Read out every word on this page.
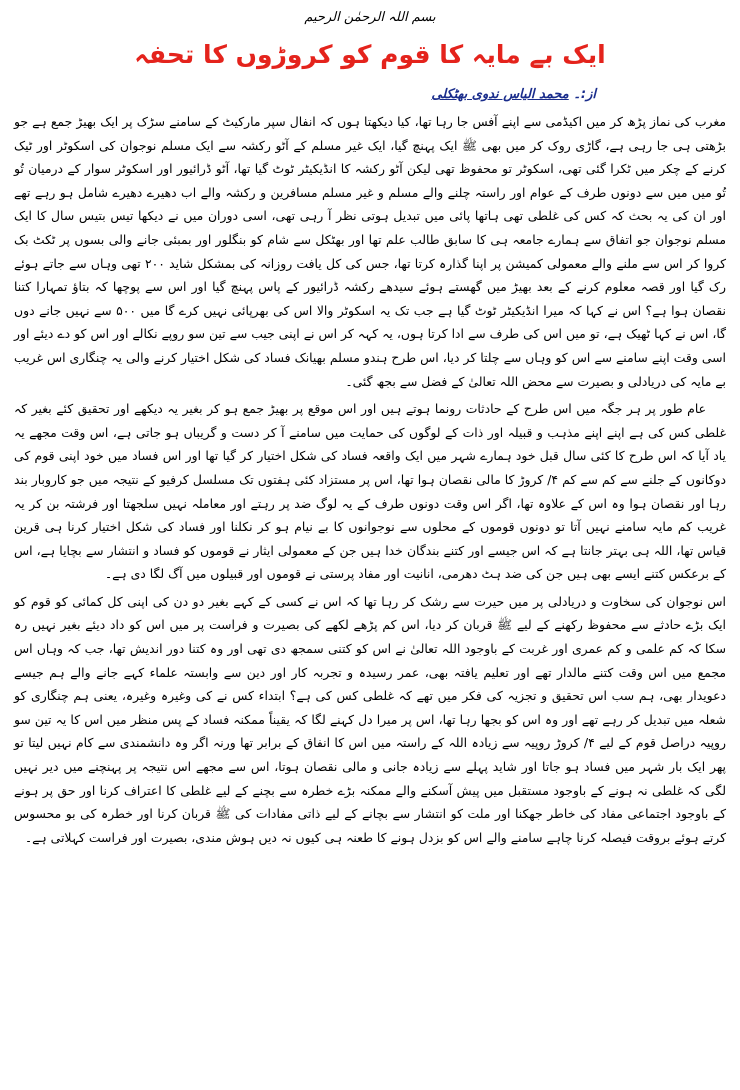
بسم اللہ الرحمٰن الرحیم
ایک بے مایہ کا قوم کو کروڑوں کا تحفہ
از:۔ محمد الیاس ندوی بھٹکلی

مغرب کی نماز پڑھ کر میں اکیڈمی سے اپنے آفس جا رہا تھا، کیا دیکھتا ہوں کہ انفال سپر مارکیٹ کے سامنے سڑک پر ایک بھیڑ جمع ہے جو بڑھتی ہی جا رہی ہے، گاڑی روک کر میں بھی ﷺ ایک پہنچ گیا، ایک غیر مسلم کے آٹو رکشہ سے ایک مسلم نوجوان کی اسکوٹر اور ٹیک کرنے کے چکر میں ٹکرا گئی تھی، اسکوٹر تو محفوظ تھی لیکن آٹو رکشہ کا انڈیکیٹر ٹوٹ گیا تھا، آٹو ڈرائیور اور اسکوٹر سوار کے درمیان تُو تُو میں میں سے دونوں طرف کے عوام اور راستہ چلنے والے مسلم و غیر مسلم مسافرین و رکشہ والے اب دھیرے دھیرے شامل ہو رہے تھے اور ان کی یہ بحث کہ کس کی غلطی تھی ہاتھا پائی میں تبدیل ہوتی نظر آ رہی تھی، اسی دوران میں نے دیکھا تیس بتیس سال کا ایک مسلم نوجوان جو اتفاق سے ہمارے جامعہ ہی کا سابق طالب علم تھا اور بھٹکل سے شام کو بنگلور اور بمبئی جانے والی بسوں پر ٹکٹ بک کروا کر اس سے ملنے والے معمولی کمیشن پر اپنا گذارہ کرتا تھا، جس کی کل یافت روزانہ کی بمشکل شاید ۲۰۰ تھی وہاں سے جاتے ہوئے رک گیا اور قصہ معلوم کرنے کے بعد بھیڑ میں گھستے ہوئے سیدھے رکشہ ڈرائیور کے پاس پہنچ گیا اور اس سے پوچھا کہ بتاؤ تمہارا کتنا نقصان ہوا ہے؟ اس نے کہا کہ میرا انڈیکیٹر ٹوٹ گیا ہے جب تک یہ اسکوٹر والا اس کی بھرپائی نہیں کرے گا میں ۵۰۰ سے نہیں جانے دوں گا، اس نے کہا ٹھیک ہے، تو میں اس کی طرف سے ادا کرتا ہوں، یہ کہہ کر اس نے اپنی جیب سے تین سو روپے نکالے اور اس کو دے دیئے اور اسی وقت اپنے سامنے سے اس کو وہاں سے چلتا کر دیا، اس طرح ہندو مسلم بھیانک فساد کی شکل اختیار کرنے والی یہ چنگاری اس غریب بے مایہ کی دریادلی و بصیرت سے محض اللہ تعالیٰ کے فضل سے بجھ گئی۔

عام طور پر ہر جگہ میں اس طرح کے حادثات رونما ہوتے ہیں اور اس موقع پر بھیڑ جمع ہو کر بغیر یہ دیکھے اور تحقیق کئے بغیر کہ غلطی کس کی ہے اپنے اپنے مذہب و قبیلہ اور ذات کے لوگوں کی حمایت میں سامنے آ کر دست و گریباں ہو جاتی ہے، اس وقت مجھے یہ یاد آیا کہ اس طرح کا کئی سال قبل خود ہمارے شہر میں ایک واقعہ فساد کی شکل اختیار کر گیا تھا اور اس فساد میں خود اپنی قوم کی دوکانوں کے جلنے سے کم سے کم ۴/ کروڑ کا مالی نقصان ہوا تھا، اس پر مستزاد کئی ہفتوں تک مسلسل کرفیو کے نتیجہ میں جو کاروبار بند رہا اور نقصان ہوا وہ اس کے علاوہ تھا، اگر اس وقت دونوں طرف کے یہ لوگ ضد پر رہتے اور معاملہ نہیں سلجھتا اور فرشتہ بن کر یہ غریب کم مایہ سامنے نہیں آتا تو دونوں قوموں کے محلوں سے نوجوانوں کا بے نیام ہو کر نکلنا اور فساد کی شکل اختیار کرنا ہی قرین قیاس تھا، اللہ ہی بہتر جانتا ہے کہ اس جیسے اور کتنے بندگان خدا ہیں جن کے معمولی ایثار نے قوموں کو فساد و انتشار سے بچایا ہے، اس کے برعکس کتنے ایسے بھی ہیں جن کی ضد ہٹ دھرمی، انانیت اور مفاد پرستی نے قوموں اور قبیلوں میں آگ لگا دی ہے۔

اس نوجوان کی سخاوت و دریادلی پر میں حیرت سے رشک کر رہا تھا کہ اس نے کسی کے کہے بغیر دو دن کی اپنی کل کمائی کو قوم کو ایک بڑے حادثے سے محفوظ رکھنے کے لیے ﷺ قربان کر دیا، اس کم پڑھے لکھے کی بصیرت و فراست پر میں اس کو داد دیئے بغیر نہیں رہ سکا کہ کم علمی و کم عمری اور غربت کے باوجود اللہ تعالیٰ نے اس کو کتنی سمجھ دی تھی اور وہ کتنا دور اندیش تھا، جب کہ وہاں اس مجمع میں اس وقت کتنے مالدار تھے اور تعلیم یافتہ بھی، عمر رسیدہ و تجربہ کار اور دین سے وابستہ علماء کہے جانے والے ہم جیسے دعویدار بھی، ہم سب اس تحقیق و تجزیہ کی فکر میں تھے کہ غلطی کس کی ہے؟ ابتداء کس نے کی وغیرہ وغیرہ، یعنی ہم چنگاری کو شعلہ میں تبدیل کر رہے تھے اور وہ اس کو بجھا رہا تھا، اس پر میرا دل کہنے لگا کہ یقیناً ممکنہ فساد کے پس منظر میں اس کا یہ تین سو روپیہ دراصل قوم کے لیے ۴/ کروڑ روپیہ سے زیادہ اللہ کے راستہ میں اس کا انفاق کے برابر تھا ورنہ اگر وہ دانشمندی سے کام نہیں لیتا تو پھر ایک بار شہر میں فساد ہو جاتا اور شاید پہلے سے زیادہ جانی و مالی نقصان ہوتا، اس سے مجھے اس نتیجہ پر پہنچنے میں دیر نہیں لگی کہ غلطی نہ ہونے کے باوجود مستقبل میں پیش آسکنے والے ممکنہ بڑے خطرہ سے بچنے کے لیے غلطی کا اعتراف کرنا اور حق پر ہونے کے باوجود اجتماعی مفاد کی خاطر جھکنا اور ملت کو انتشار سے بچانے کے لیے ذاتی مفادات کی ﷺ قربان کرنا اور خطرہ کی بو محسوس کرتے ہوئے بروقت فیصلہ کرنا چاہے سامنے والے اس کو بزدل ہونے کا طعنہ ہی کیوں نہ دیں ہوش مندی، بصیرت اور فراست کہلاتی ہے۔
